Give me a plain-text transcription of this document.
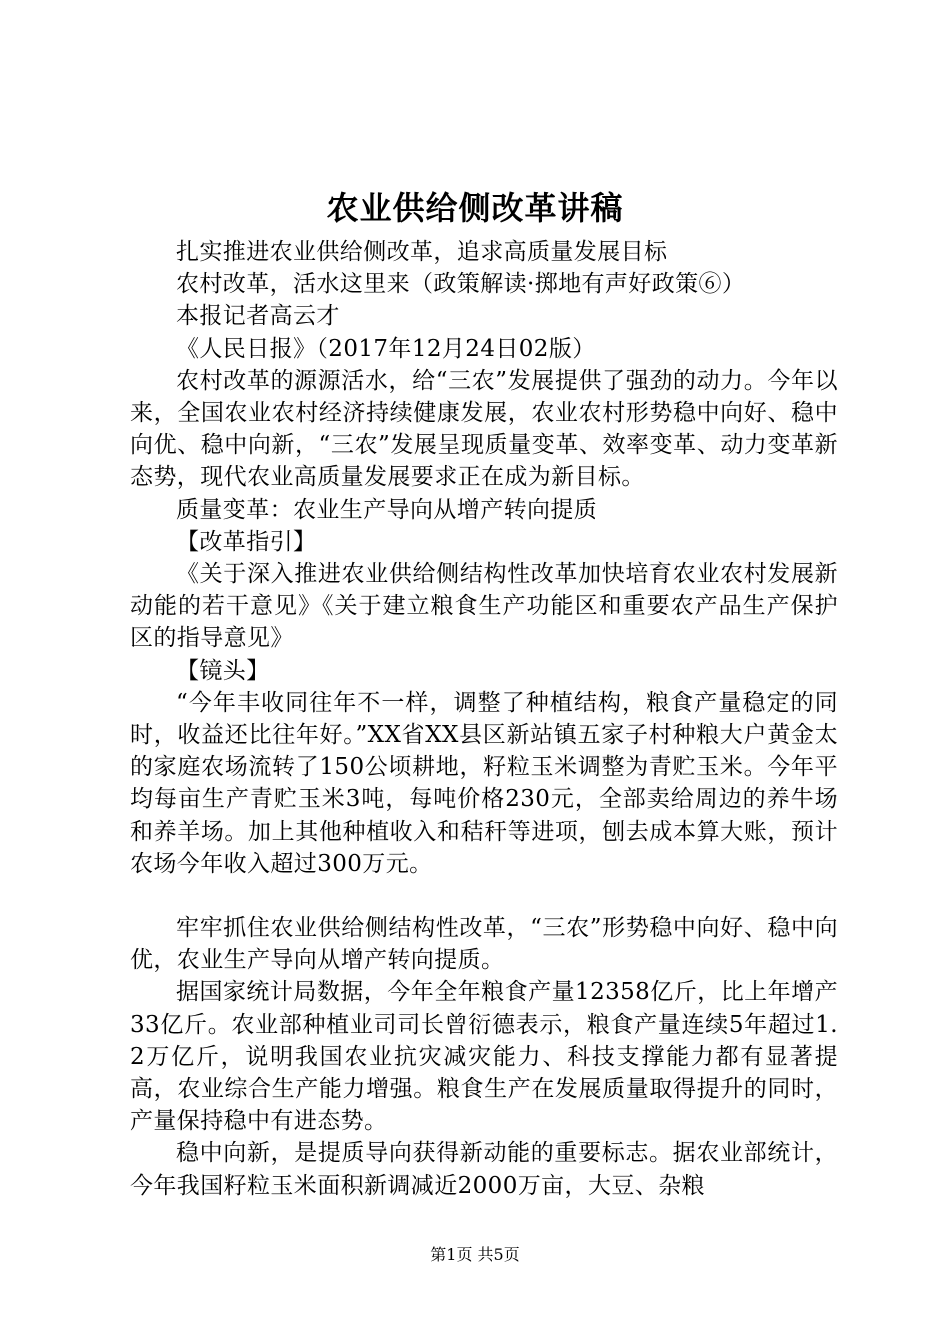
农业供给侧改革讲稿

扎实推进农业供给侧改革，追求高质量发展目标

农村改革，活水这里来（政策解读·掷地有声好政策⑥）

本报记者高云才

《人民日报》（2017年12月24日02版）

农村改革的源源活水，给“三农”发展提供了强劲的动力。今年以来，全国农业农村经济持续健康发展，农业农村形势稳中向好、稳中向优、稳中向新，“三农”发展呈现质量变革、效率变革、动力变革新态势，现代农业高质量发展要求正在成为新目标。

质量变革：农业生产导向从增产转向提质

【改革指引】

《关于深入推进农业供给侧结构性改革加快培育农业农村发展新动能的若干意见》《关于建立粮食生产功能区和重要农产品生产保护区的指导意见》

【镜头】

“今年丰收同往年不一样，调整了种植结构，粮食产量稳定的同时，收益还比往年好。”XX省XX县区新站镇五家子村种粮大户黄金太的家庭农场流转了150公顷耕地，籽粒玉米调整为青贮玉米。今年平均每亩生产青贮玉米3吨，每吨价格230元，全部卖给周边的养牛场和养羊场。加上其他种植收入和秸秆等进项，刨去成本算大账，预计农场今年收入超过300万元。

牢牢抓住农业供给侧结构性改革，“三农”形势稳中向好、稳中向优，农业生产导向从增产转向提质。

据国家统计局数据，今年全年粮食产量12358亿斤，比上年增产33亿斤。农业部种植业司司长曾衍德表示，粮食产量连续5年超过1.2万亿斤，说明我国农业抗灾减灾能力、科技支撑能力都有显著提高，农业综合生产能力增强。粮食生产在发展质量取得提升的同时，产量保持稳中有进态势。

稳中向新，是提质导向获得新动能的重要标志。据农业部统计，今年我国籽粒玉米面积新调减近2000万亩，大豆、杂粮

第1页 共5页
